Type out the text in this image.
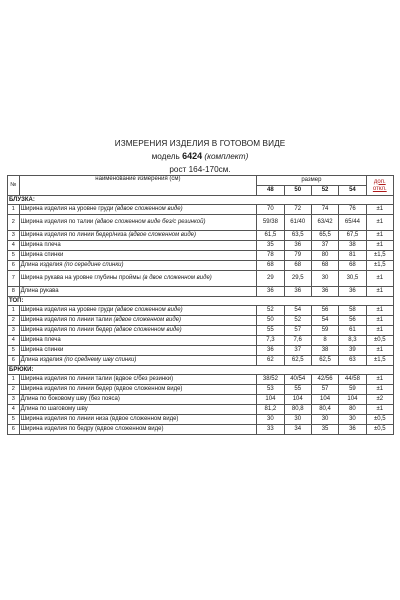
ИЗМЕРЕНИЯ ИЗДЕЛИЯ В ГОТОВОМ ВИДЕ
модель 6424 (комплект)
рост 164-170см.
№	наименование измерения (см)	размер				доп.
откл.
		48	50	52	54	
БЛУЗКА:						
1	Ширина изделия на уровне груди (вдвое сложенном виде)	70	72	74	76	±1
2	Ширина изделия по талии (вдвое сложенном виде без/с резинкой)	59/38	61/40	63/42	65/44	±1
3	Ширина изделия по линии бедер/низа (вдвое сложенном виде)	61,5	63,5	65,5	67,5	±1
4	Ширина плеча	35	36	37	38	±1
5	Ширина спинки	78	79	80	81	±1,5
6	Длина изделия (по середине спинки)	68	68	68	68	±1,5
7	Ширина рукава на уровне глубины проймы (в двое сложенном виде)	29	29,5	30	30,5	±1
8	Длина рукава	36	36	36	36	±1
ТОП:						
1	Ширина изделия на уровне груди (вдвое сложенном виде)	52	54	56	58	±1
2	Ширина изделия по линии талии (вдвое сложенном виде)	50	52	54	56	±1
3	Ширина изделия по линии бедер (вдвое сложенном виде)	55	57	59	61	±1
4	Ширина плеча	7,3	7,6	8	8,3	±0,5
5	Ширина спинки	36	37	38	39	±1
6	Длина изделия (по среднему шву спинки)	62	62,5	62,5	63	±1,5
БРЮКИ:						
1	Ширина изделия по линии талии (вдвое с/без резинки)	38/52	40/54	42/56	44/58	±1
2	Ширина изделия по линии бедер (вдвое сложенном виде)	53	55	57	59	±1
3	Длина по боковому шву (без пояса)	104	104	104	104	±2
4	Длина по шаговому шву	81,2	80,8	80,4	80	±1
5	Ширина изделия по линии низа (вдвое сложенном виде)	30	30	30	30	±0,5
6	Ширина изделия по бедру (вдвое сложенном виде)	33	34	35	36	±0,5
